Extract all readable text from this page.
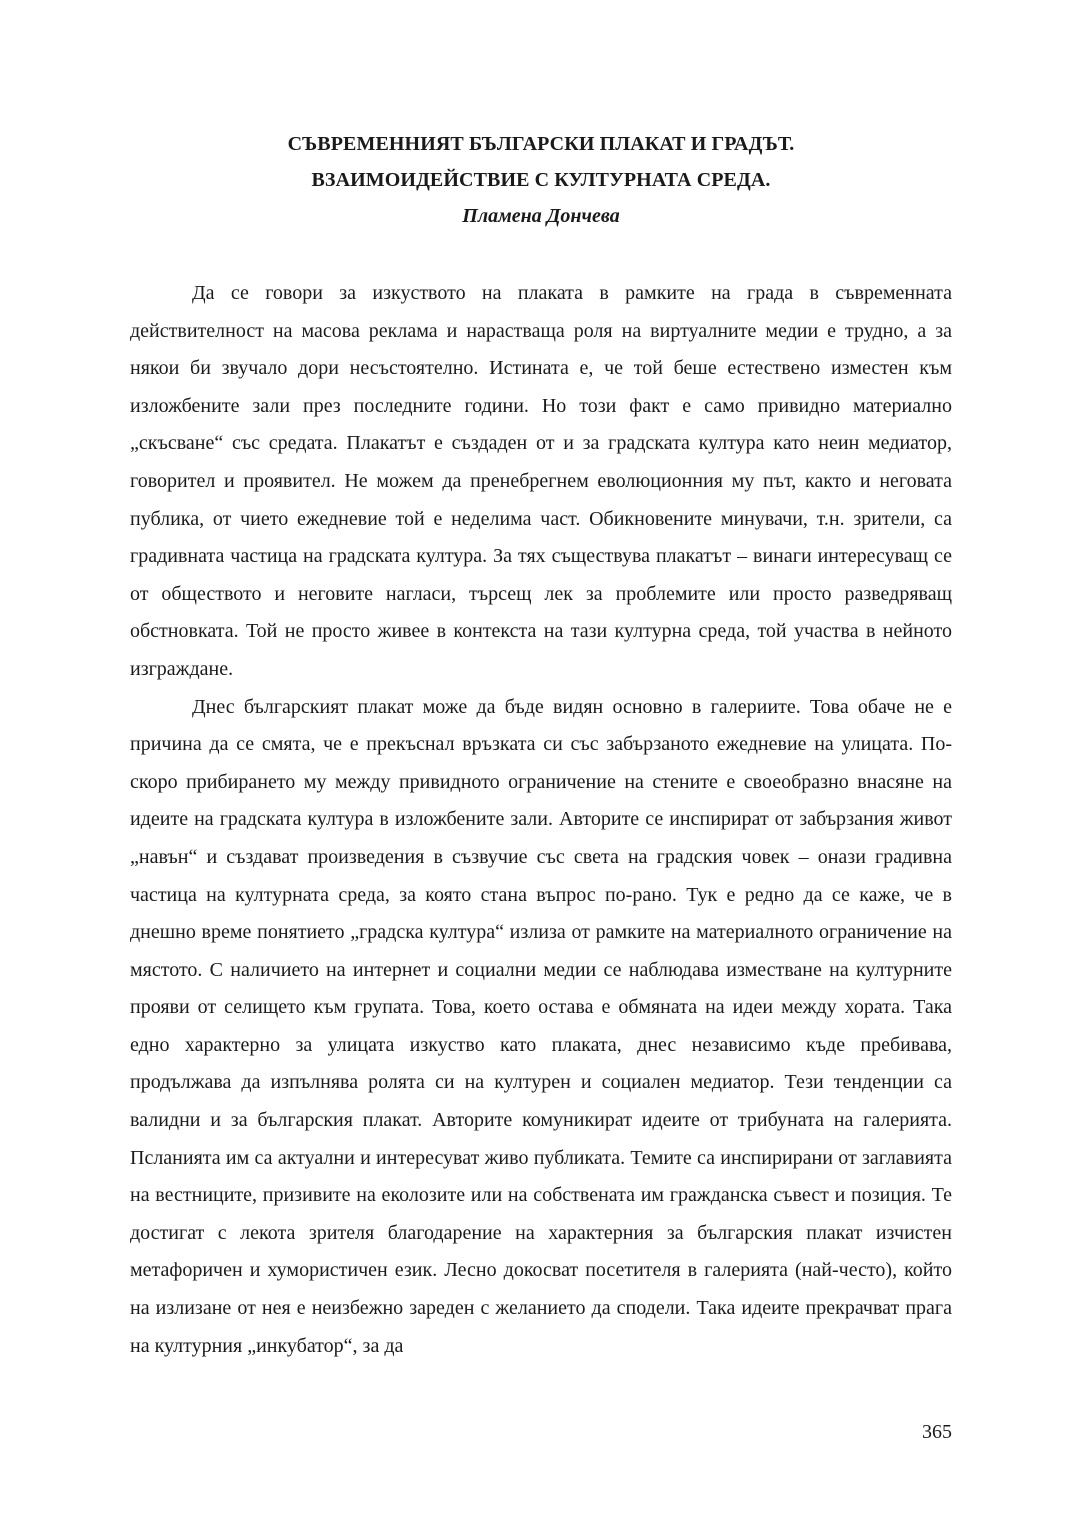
СЪВРЕМЕННИЯТ БЪЛГАРСКИ ПЛАКАТ И ГРАДЪТ.
ВЗАИМОИДЕЙСТВИЕ С КУЛТУРНАТА СРЕДА.
Пламена Дончева

Да се говори за изкуството на плаката в рамките на града в съвременната действителност на масова реклама и нарастваща роля на виртуалните медии е трудно, а за някои би звучало дори несъстоятелно. Истината е, че той беше естествено изместен към изложбените зали през последните години. Но този факт е само привидно материално „скъсване“ със средата. Плакатът е създаден от и за градската култура като неин медиатор, говорител и проявител. Не можем да пренебрегнем еволюционния му път, както и неговата публика, от чието ежедневие той е неделима част. Обикновените минувачи, т.н. зрители, са градивната частица на градската култура. За тях съществува плакатът – винаги интересуващ се от обществото и неговите нагласи, търсещ лек за проблемите или просто разведряващ обстновката. Той не просто живее в контекста на тази културна среда, той участва в нейното изграждане.

Днес българският плакат може да бъде видян основно в галериите. Това обаче не е причина да се смята, че е прекъснал връзката си със забързаното ежедневие на улицата. По-скоро прибирането му между привидното ограничение на стените е своеобразно внасяне на идеите на градската култура в изложбените зали. Авторите се инспирират от забързания живот „навън“ и създават произведения в съзвучие със света на градския човек – онази градивна частица на културната среда, за която стана въпрос по-рано. Тук е редно да се каже, че в днешно време понятието „градска култура“ излиза от рамките на материалното ограничение на мястото. С наличието на интернет и социални медии се наблюдава изместване на културните прояви от селището към групата. Това, което остава е обмяната на идеи между хората. Така едно характерно за улицата изкуство като плаката, днес независимо къде пребивава, продължава да изпълнява ролята си на културен и социален медиатор. Тези тенденции са валидни и за българския плакат. Авторите комуникират идеите от трибуната на галерията. Псланията им са актуални и интересуват живо публиката. Темите са инспирирани от заглавията на вестниците, призивите на еколозите или на собствената им гражданска съвест и позиция. Те достигат с лекота зрителя благодарение на характерния за българския плакат изчистен метафоричен и хумористичен език. Лесно докосват посетителя в галерията (най-често), който на излизане от нея е неизбежно зареден с желанието да сподели. Така идеите прекрачват прага на културния „инкубатор“, за да

365
